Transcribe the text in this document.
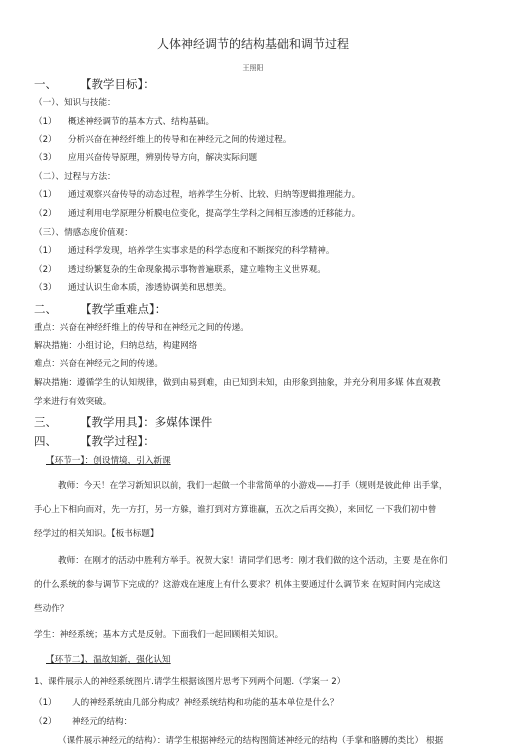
人体神经调节的结构基础和调节过程
王照阳
一、 【教学目标】：
（一）、知识与技能：
（1） 概述神经调节的基本方式、结构基础。
（2） 分析兴奋在神经纤维上的传导和在神经元之间的传递过程。
（3） 应用兴奋传导原理，辨别传导方向，解决实际问题
（二）、过程与方法：
（1） 通过观察兴奋传导的动态过程，培养学生分析、比较、归纳等逻辑推理能力。
（2） 通过利用电学原理分析膜电位变化，提高学生学科之间相互渗透的迁移能力。
（三）、情感态度价值观：
（1） 通过科学发现，培养学生实事求是的科学态度和不断探究的科学精神。
（2） 透过纷繁复杂的生命现象揭示事物普遍联系，建立唯物主义世界观。
（3） 通过认识生命本质，渗透协调美和思想美。
二、 【教学重难点】：
重点：兴奋在神经纤维上的传导和在神经元之间的传递。
解决措施：小组讨论，归纳总结，构建网络
难点：兴奋在神经元之间的传递。
解决措施：遵循学生的认知规律，做到由易到难，由已知到未知，由形象到抽象，并充分利用多媒 体直观教
学来进行有效突破。
三、 【教学用具】：多媒体课件
四、 【教学过程】：
【环节一】：创设情境，引入新课
教师：今天！在学习新知识以前，我们一起做一个非常简单的小游戏——打手（规则是彼此伸 出手掌，
手心上下相向而对，先一方打，另一方躲，谁打到对方算谁赢，五次之后再交换），来回忆 一下我们初中曾
经学过的相关知识。【板书标题】
教师：在刚才的活动中胜利方举手。祝贺大家！请同学们思考：刚才我们做的这个活动，主要 是在你们
的什么系统的参与调节下完成的？这游戏在速度上有什么要求？机体主要通过什么调节来 在短时间内完成这
些动作？
学生：神经系统；基本方式是反射。下面我们一起回顾相关知识。
【环节二】、温故知新，强化认知
1、课件展示人的神经系统图片.请学生根据该图片思考下列两个问题.（学案一 2）
（1） 人的神经系统由几部分构成？神经系统结构和功能的基本单位是什么？
（2） 神经元的结构：
（课件展示神经元的结构）：请学生根据神经元的结构图简述神经元的结构（手掌和胳膊的类比） 根据
